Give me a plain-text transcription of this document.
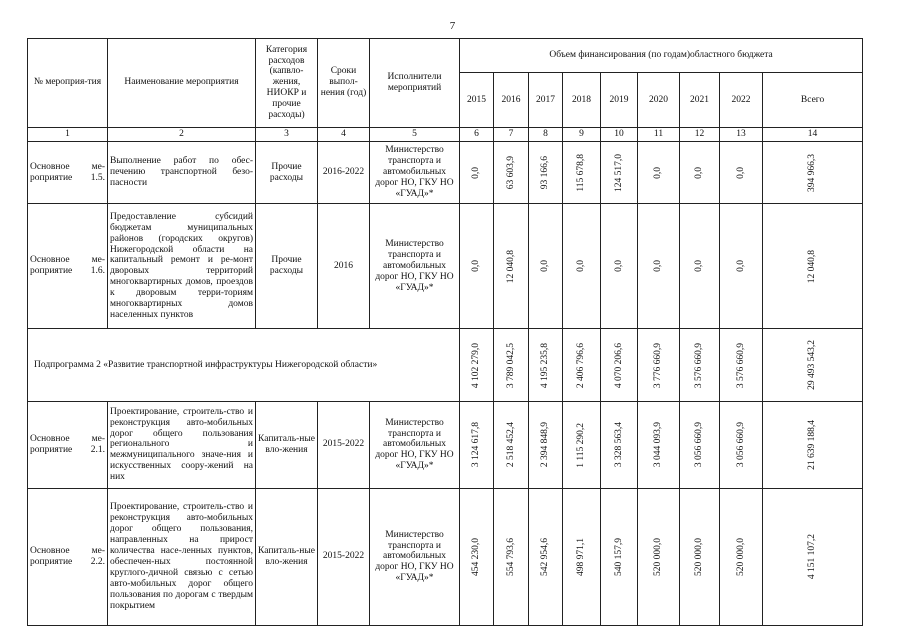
7
№ мероприя-тия	Наименование мероприятия	Категория расходов (капвло-жения, НИОКР и прочие расходы)	Сроки выпол-нения (год)	Исполнители мероприятий	Объем финансирования (по годам)областного бюджета								
					2015	2016	2017	2018	2019	2020	2021	2022	Всего
1	2	3	4	5	6	7	8	9	10	11	12	13	14
Основное ме-роприятие 1.5.	Выполнение работ по обес-печению транспортной безо-пасности	Прочие расходы	2016-2022	Министерство транспорта и автомобильных дорог НО, ГКУ НО «ГУАД»*	0,0	63 603,9	93 166,6	115 678,8	124 517,0	0,0	0,0	0,0	394 966,3

Основное ме-роприятие 1.6.	Предоставление субсидий бюджетам муниципальных районов (городских округов) Нижегородской области на капитальный ремонт и ре-монт дворовых территорий многоквартирных домов, проездов к дворовым терри-ториям многоквартирных домов населенных пунктов	Прочие расходы	2016	Министерство транспорта и автомобильных дорог НО, ГКУ НО «ГУАД»*	0,0	12 040,8	0,0	0,0	0,0	0,0	0,0	0,0	12 040,8

Подпрограмма 2 «Развитие транспортной инфраструктуры Нижегородской области»					4 102 279,0	3 789 042,5	4 195 235,8	2 406 796,6	4 070 206,6	3 776 660,9	3 576 660,9	3 576 660,9	29 493 543,2

Основное ме-роприятие 2.1.	Проектирование, строитель-ство и реконструкция авто-мобильных дорог общего пользования регионального и межмуниципального значе-ния и искусственных соору-жений на них	Капиталь-ные вло-жения	2015-2022	Министерство транспорта и автомобильных дорог НО, ГКУ НО «ГУАД»*	3 124 617,8	2 518 452,4	2 394 848,9	1 115 290,2	3 328 563,4	3 044 093,9	3 056 660,9	3 056 660,9	21 639 188,4

Основное ме-роприятие 2.2.	Проектирование, строитель-ство и реконструкция авто-мобильных дорог общего пользования, направленных на прирост количества насе-ленных пунктов, обеспечен-ных постоянной круглого-дичной связью с сетью авто-мобильных дорог общего пользования по дорогам с твердым покрытием	Капиталь-ные вло-жения	2015-2022	Министерство транспорта и автомобильных дорог НО, ГКУ НО «ГУАД»*	454 230,0	554 793,6	542 954,6	498 971,1	540 157,9	520 000,0	520 000,0	520 000,0	4 151 107,2
